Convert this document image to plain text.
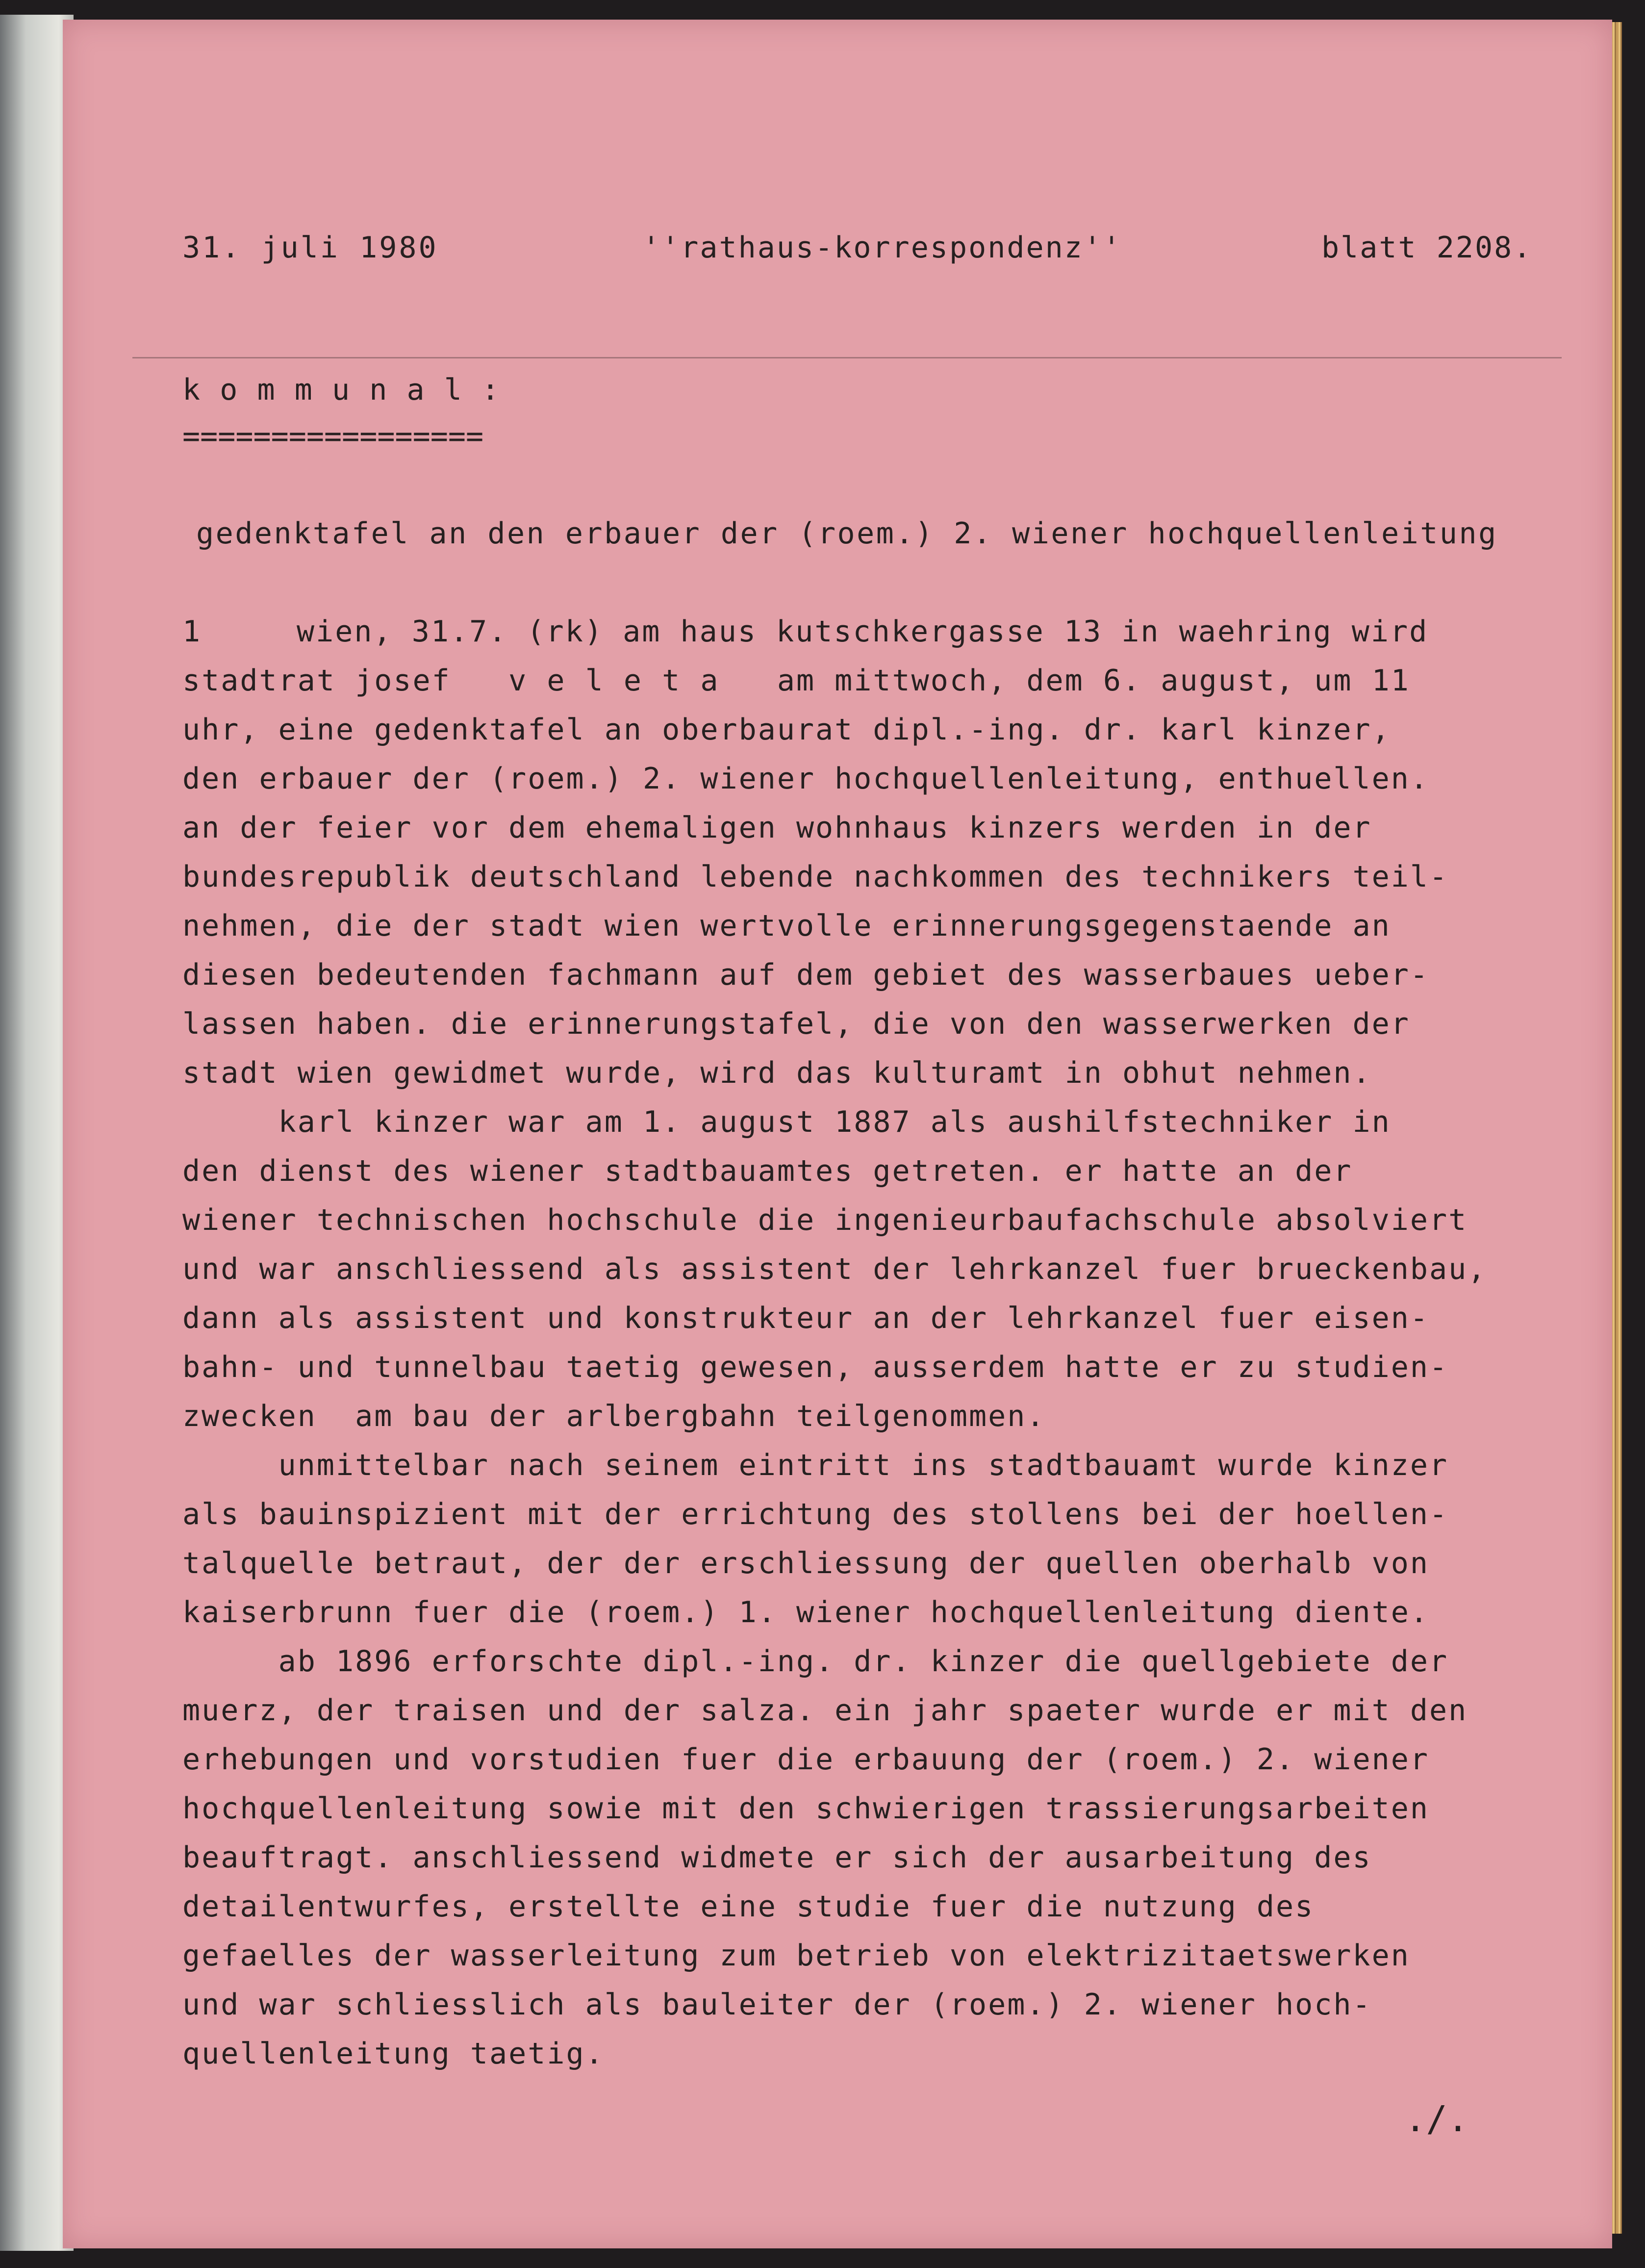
31. juli 1980	''rathaus-korrespondenz''	blatt 2208.

k o m m u n a l :

=================

gedenktafel an den erbauer der (roem.) 2. wiener hochquellenleitung

1	wien, 31.7. (rk) am haus kutschkergasse 13 in waehring wird

stadtrat josef   v e l e t a   am mittwoch, dem 6. august, um 11

uhr, eine gedenktafel an oberbaurat dipl.-ing. dr. karl kinzer,

den erbauer der (roem.) 2. wiener hochquellenleitung, enthuellen.

an der feier vor dem ehemaligen wohnhaus kinzers werden in der

bundesrepublik deutschland lebende nachkommen des technikers teil-

nehmen, die der stadt wien wertvolle erinnerungsgegenstaende an

diesen bedeutenden fachmann auf dem gebiet des wasserbaues ueber-

lassen haben. die erinnerungstafel, die von den wasserwerken der

stadt wien gewidmet wurde, wird das kulturamt in obhut nehmen.

karl kinzer war am 1. august 1887 als aushilfstechniker in

den dienst des wiener stadtbauamtes getreten. er hatte an der

wiener technischen hochschule die ingenieurbaufachschule absolviert

und war anschliessend als assistent der lehrkanzel fuer brueckenbau,

dann als assistent und konstrukteur an der lehrkanzel fuer eisen-

bahn- und tunnelbau taetig gewesen, ausserdem hatte er zu studien-

zwecken  am bau der arlbergbahn teilgenommen.

unmittelbar nach seinem eintritt ins stadtbauamt wurde kinzer

als bauinspizient mit der errichtung des stollens bei der hoellen-

talquelle betraut, der der erschliessung der quellen oberhalb von

kaiserbrunn fuer die (roem.) 1. wiener hochquellenleitung diente.

ab 1896 erforschte dipl.-ing. dr. kinzer die quellgebiete der

muerz, der traisen und der salza. ein jahr spaeter wurde er mit den

erhebungen und vorstudien fuer die erbauung der (roem.) 2. wiener

hochquellenleitung sowie mit den schwierigen trassierungsarbeiten

beauftragt. anschliessend widmete er sich der ausarbeitung des

detailentwurfes, erstellte eine studie fuer die nutzung des

gefaelles der wasserleitung zum betrieb von elektrizitaetswerken

und war schliesslich als bauleiter der (roem.) 2. wiener hoch-

quellenleitung taetig.

./.
